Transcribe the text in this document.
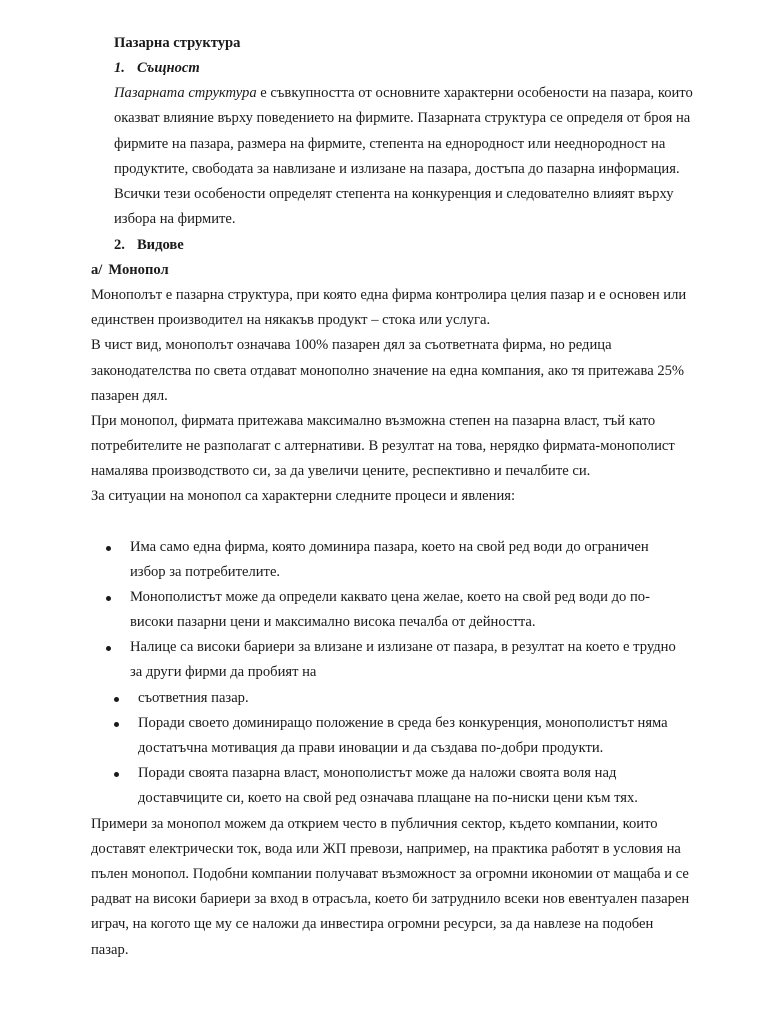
Пазарна структура
1. Същност
Пазарната структура е съвкупността от основните характерни особености на пазара, които
оказват влияние върху поведението на фирмите. Пазарната структура се определя от броя на
фирмите на пазара, размера на фирмите, степента на еднородност или нееднородност на
продуктите, свободата за навлизане и излизане на пазара, достъпа до пазарна информация.
Всички тези особености определят степента на конкуренция и следователно влияят върху
избора на фирмите.
2. Видове
а/ Монопол
Монополът е пазарна структура, при която една фирма контролира целия пазар и е основен или
единствен производител на някакъв продукт – стока или услуга.
В чист вид, монополът означава 100% пазарен дял за съответната фирма, но редица
законодателства по света отдават монополно значение на една компания, ако тя притежава 25%
пазарен дял.
При монопол, фирмата притежава максимално възможна степен на пазарна власт, тъй като
потребителите не разполагат с алтернативи. В резултат на това, нерядко фирмата-монополист
намалява производството си, за да увеличи цените, респективно и печалбите си.
За ситуации на монопол са характерни следните процеси и явления:
Има само една фирма, която доминира пазара, което на свой ред води до ограничен
избор за потребителите.
Монополистът може да определи каквато цена желае, което на свой ред води до по-
високи пазарни цени и максимално висока печалба от дейността.
Налице са високи бариери за влизане и излизане от пазара, в резултат на което е трудно
за други фирми да пробият на
съответния пазар.
Поради своето доминиращо положение в среда без конкуренция, монополистът няма
достатъчна мотивация да прави иновации и да създава по-добри продукти.
Поради своята пазарна власт, монополистът може да наложи своята воля над
доставчиците си, което на свой ред означава плащане на по-ниски цени към тях.
Примери за монопол можем да открием често в публичния сектор, където компании, които
доставят електрически ток, вода или ЖП превози, например, на практика работят в условия на
пълен монопол. Подобни компании получават възможност за огромни икономии от мащаба и се
радват на високи бариери за вход в отрасъла, което би затруднило всеки нов евентуален пазарен
играч, на когото ще му се наложи да инвестира огромни ресурси, за да навлезе на подобен
пазар.
